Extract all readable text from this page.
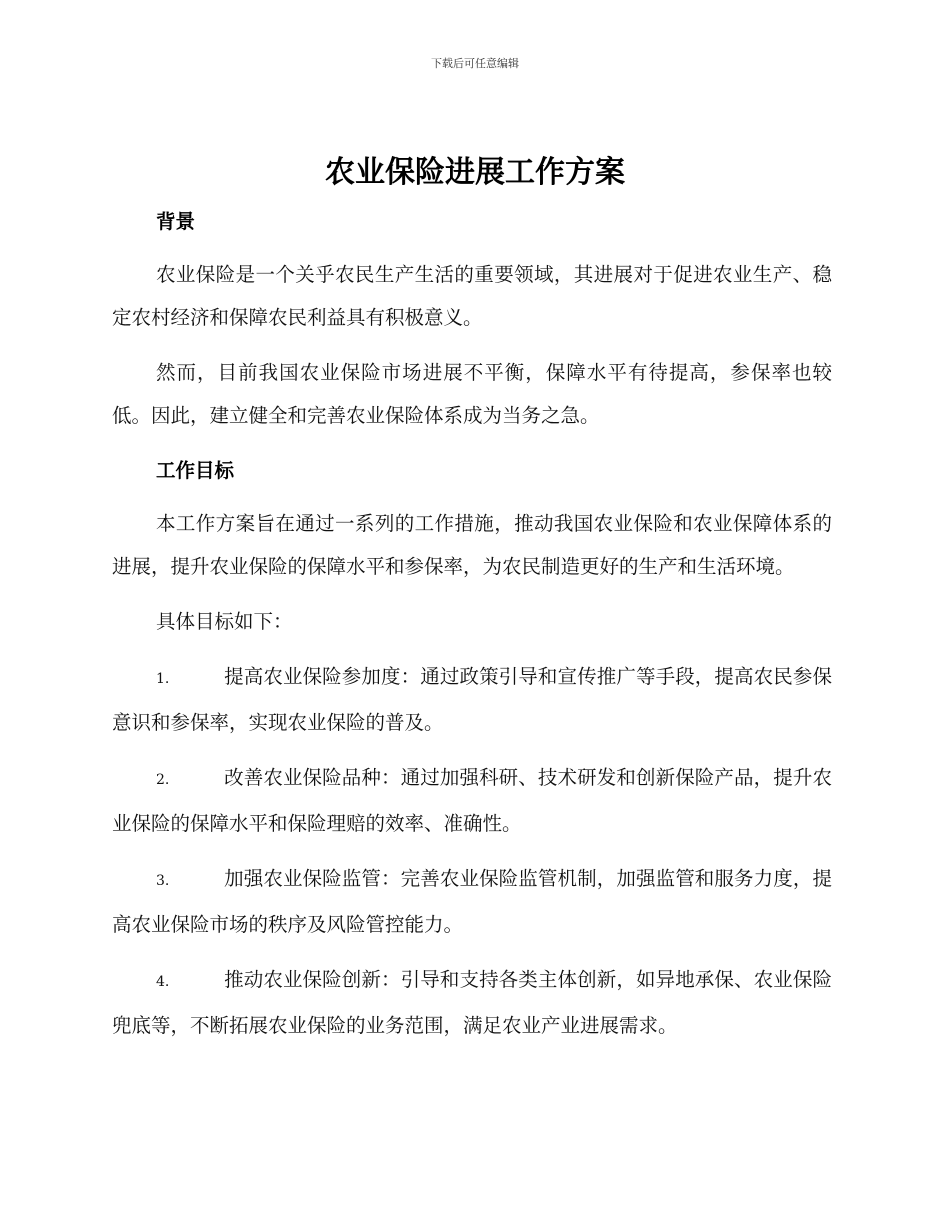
下载后可任意编辑
农业保险进展工作方案

背景

农业保险是一个关乎农民生产生活的重要领域，其进展对于促进农业生产、稳定农村经济和保障农民利益具有积极意义。

然而，目前我国农业保险市场进展不平衡，保障水平有待提高，参保率也较低。因此，建立健全和完善农业保险体系成为当务之急。

工作目标

本工作方案旨在通过一系列的工作措施，推动我国农业保险和农业保障体系的进展，提升农业保险的保障水平和参保率，为农民制造更好的生产和生活环境。

具体目标如下：

1.	提高农业保险参加度：通过政策引导和宣传推广等手段，提高农民参保意识和参保率，实现农业保险的普及。

2.	改善农业保险品种：通过加强科研、技术研发和创新保险产品，提升农业保险的保障水平和保险理赔的效率、准确性。

3.	加强农业保险监管：完善农业保险监管机制，加强监管和服务力度，提高农业保险市场的秩序及风险管控能力。

4.	推动农业保险创新：引导和支持各类主体创新，如异地承保、农业保险兜底等，不断拓展农业保险的业务范围，满足农业产业进展需求。
